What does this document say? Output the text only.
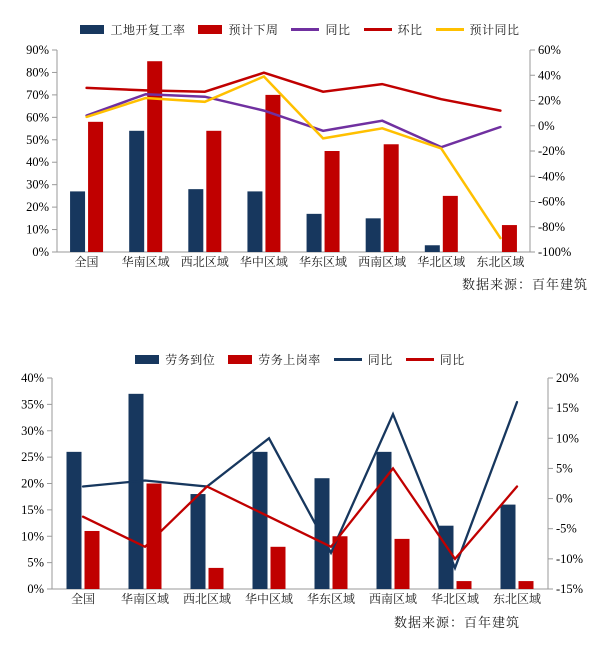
工地开复工率	预计下周	同比	环比	预计同比
0%
10%
20%
30%
40%
50%
60%
70%
80%
90%
-100%
-80%
-60%
-40%
-20%
0%
20%
40%
60%
全国 华南区域 西北区域 华中区域 华东区域 西南区域 华北区域 东北区域
数据来源：百年建筑
劳务到位	劳务上岗率	同比	同比
0%
5%
10%
15%
20%
25%
30%
35%
40%
-15%
-10%
-5%
0%
5%
10%
15%
20%
全国 华南区域 西北区域 华中区域 华东区域 西南区域 华北区域 东北区域
数据来源：百年建筑
